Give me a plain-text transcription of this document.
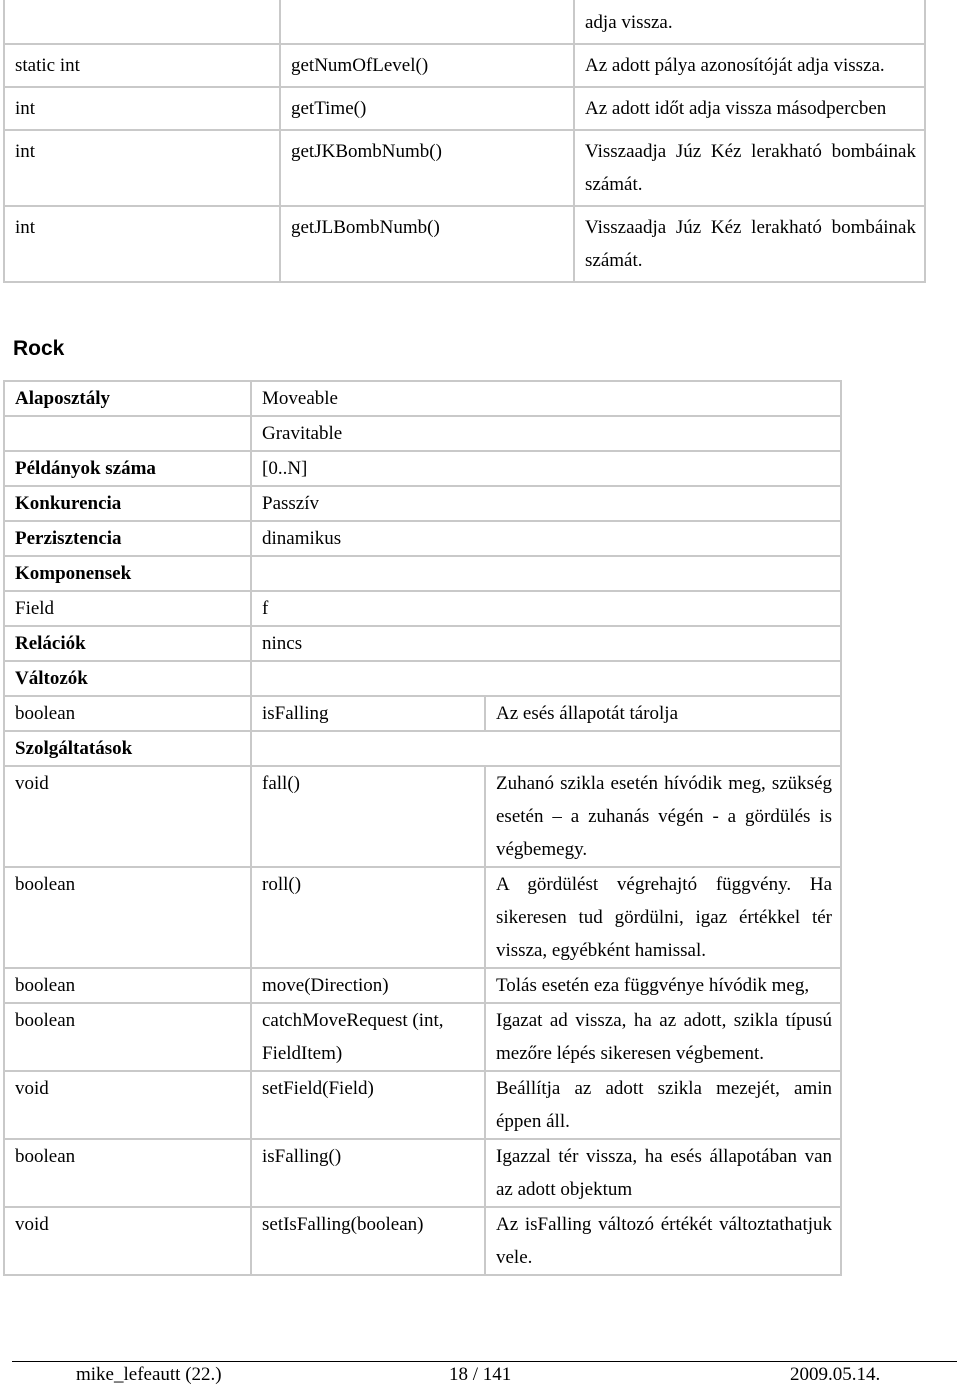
		adja vissza.
static int	getNumOfLevel()	Az adott pálya azonosítóját adja vissza.
int	getTime()	Az adott időt adja vissza másodpercben
int	getJKBombNumb()	Visszaadja Júz Kéz lerakható bombáinak számát.
int	getJLBombNumb()	Visszaadja Júz Kéz lerakható bombáinak számát.
Rock
Alaposztály	Moveable	

	Gravitable	

Példányok száma	[0..N]	
Konkurencia	Passzív	
Perzisztencia	dinamikus	
Komponensek		
Field	f	
Relációk	nincs	
Változók		
boolean	isFalling	Az esés állapotát tárolja
Szolgáltatások		
void	fall()	Zuhanó szikla esetén hívódik meg, szükség esetén – a zuhanás végén - a gördülés is végbemegy.
boolean	roll()	A gördülést végrehajtó függvény. Ha sikeresen tud gördülni, igaz értékkel tér vissza, egyébként hamissal.
boolean	move(Direction)	Tolás esetén eza függvénye hívódik meg,
boolean	catchMoveRequest (int, FieldItem)	Igazat ad vissza, ha az adott, szikla típusú mezőre lépés sikeresen végbement.
void	setField(Field)	Beállítja az adott szikla mezejét, amin éppen áll.
boolean	isFalling()	Igazzal tér vissza, ha esés állapotában van az adott objektum
void	setIsFalling(boolean)	Az isFalling változó értékét változtathatjuk vele.
mike_lefeautt (22.)	18 / 141	2009.05.14.
